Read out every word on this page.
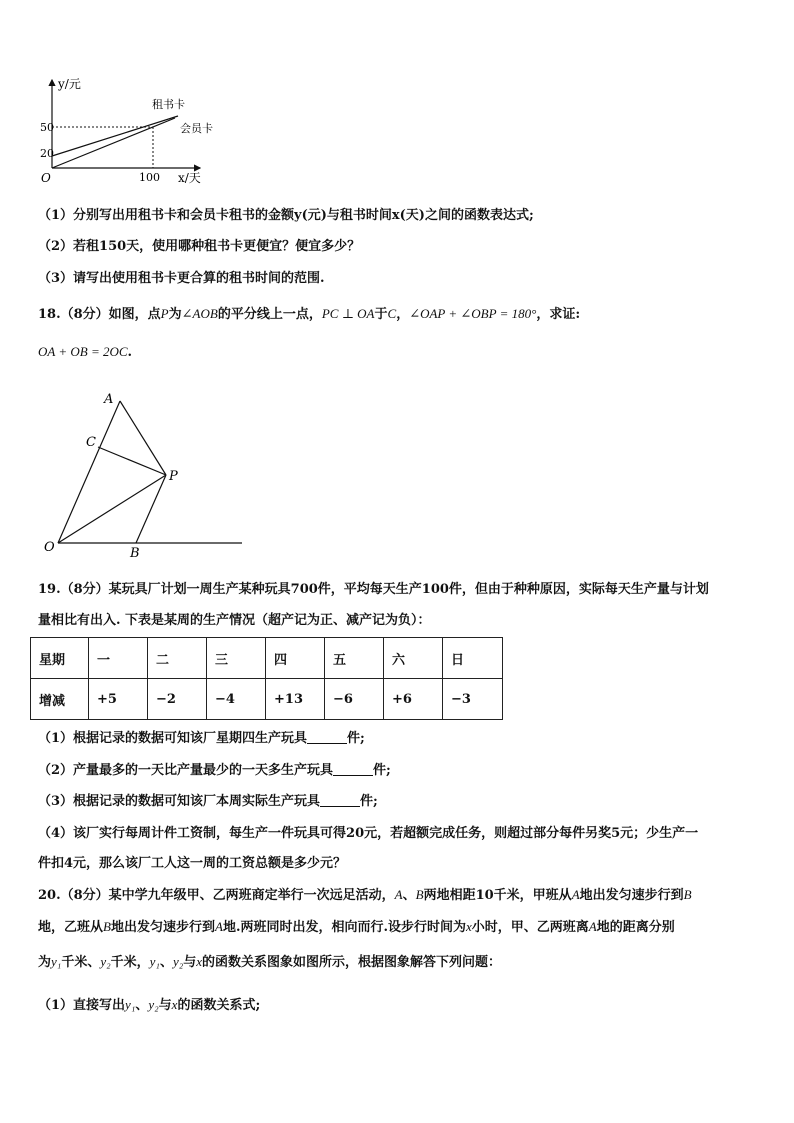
y/元
x/天
O
50
20
100
租书卡
会员卡
（1）分别写出用租书卡和会员卡租书的金额y(元)与租书时间x(天)之间的函数表达式;
（2）若租150天，使用哪种租书卡更便宜？便宜多少？
（3）请写出使用租书卡更合算的租书时间的范围.
18.（8分）如图，点P为∠AOB的平分线上一点，PC ⊥ OA于C，∠OAP + ∠OBP = 180°，求证:
OA + OB = 2OC.
A
C
P
O	B
19.（8分）某玩具厂计划一周生产某种玩具700件，平均每天生产100件，但由于种种原因，实际每天生产量与计划
量相比有出入. 下表是某周的生产情况（超产记为正、减产记为负）：
星期	一	二	三	四	五	六	日
增减	+5	−2	−4	+13	−6	+6	−3
（1）根据记录的数据可知该厂星期四生产玩具	件;
（2）产量最多的一天比产量最少的一天多生产玩具	件;
（3）根据记录的数据可知该厂本周实际生产玩具	件;
（4）该厂实行每周计件工资制，每生产一件玩具可得20元，若超额完成任务，则超过部分每件另奖5元；少生产一
件扣4元，那么该厂工人这一周的工资总额是多少元？
20.（8分）某中学九年级甲、乙两班商定举行一次远足活动，A、B两地相距10千米，甲班从A地出发匀速步行到B
地，乙班从B地出发匀速步行到A地.两班同时出发，相向而行.设步行时间为x小时，甲、乙两班离A地的距离分别
为y₁千米、y₂千米，y₁、y₂与x的函数关系图象如图所示，根据图象解答下列问题：
（1）直接写出y₁、y₂与x的函数关系式;
